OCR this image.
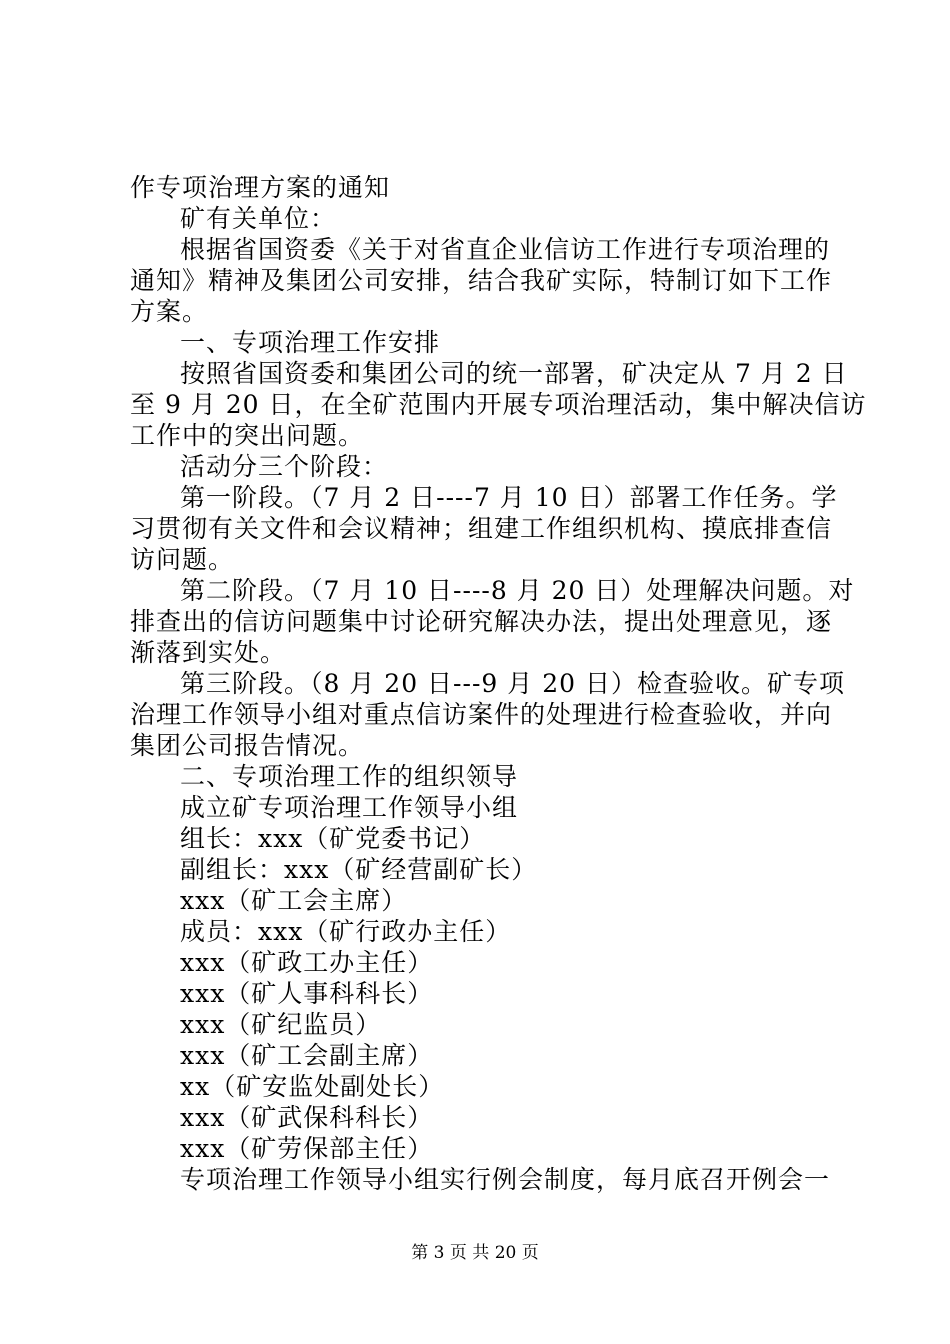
作专项治理方案的通知
矿有关单位：
根据省国资委《关于对省直企业信访工作进行专项治理的
通知》精神及集团公司安排，结合我矿实际，特制订如下工作
方案。
一、专项治理工作安排
按照省国资委和集团公司的统一部署，矿决定从 7 月 2 日
至 9 月 20 日，在全矿范围内开展专项治理活动，集中解决信访
工作中的突出问题。
活动分三个阶段：
第一阶段。（7 月 2 日----7 月 10 日）部署工作任务。学
习贯彻有关文件和会议精神；组建工作组织机构、摸底排查信
访问题。
第二阶段。（7 月 10 日----8 月 20 日）处理解决问题。对
排查出的信访问题集中讨论研究解决办法，提出处理意见，逐
渐落到实处。
第三阶段。（8 月 20 日---9 月 20 日）检查验收。矿专项
治理工作领导小组对重点信访案件的处理进行检查验收，并向
集团公司报告情况。
二、专项治理工作的组织领导
成立矿专项治理工作领导小组
组长：xxx（矿党委书记）
副组长：xxx（矿经营副矿长）
xxx（矿工会主席）
成员：xxx（矿行政办主任）
xxx（矿政工办主任）
xxx（矿人事科科长）
xxx（矿纪监员）
xxx（矿工会副主席）
xx（矿安监处副处长）
xxx（矿武保科科长）
xxx（矿劳保部主任）
专项治理工作领导小组实行例会制度，每月底召开例会一
第 3 页 共 20 页
